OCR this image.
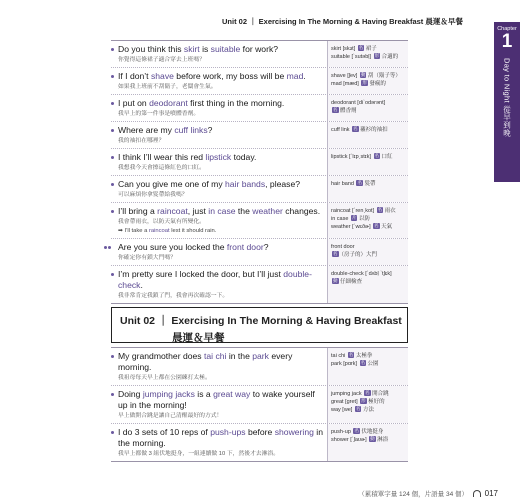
Unit 02 ｜ Exercising In The Morning & Having Breakfast 晨運＆早餐
Chapter
1
Day to Night 從早到晚
Do you think this skirt is suitable for work?
你覺得這條裙子適合穿去上班嗎？
skirt [skɜt] 名 裙子
suitable [ˋsutəbḷ] 形 合適的
If I don’t shave before work, my boss will be mad.
如果我上班前不刮鬍子，老闆會生氣。
shave [ʃev] 動 刮（鬍子等）
mad [mæd] 形 發瘋的
I put on deodorant first thing in the morning.
我早上的第一件事是噴體香劑。
deodorant [diˋodərənt]
名 體香劑
Where are my cuff links?
我的袖扣在哪裡？
cuff link 名 襯衫的袖扣
I think I’ll wear this red lipstick today.
我想我今天會擦這條紅色的口紅。
lipstick [ˋlɪpˏstɪk] 名 口紅
Can you give me one of my hair bands, please?
可以麻煩你拿髮帶給我嗎？
hair band 名 髮帶
I’ll bring a raincoat, just in case the weather changes.
我會帶雨衣，以防天氣有所變化。
➡ I’ll take a raincoat lest it should rain.
raincoat [ˋrenˏkot] 名 雨衣
in case 片 以防
weather [ˋwɛðɚ] 名 天氣
Are you sure you locked the front door?
你確定你有鎖大門嗎？
front door
名（房子的）大門
I’m pretty sure I locked the door, but I’ll just double-check.
我非常肯定我鎖了門，我會再次確認一下。
double-check [ˋdʌbḷ ˋtʃɛk]
動 仔細檢查
Unit 02 ｜ Exercising In The Morning & Having Breakfast
晨運＆早餐
My grandmother does tai chi in the park every morning.
我祖母每天早上都在公園練打太極。
tai chi 名 太極拳
park [pɑrk] 名 公園
Doing jumping jacks is a great way to wake yourself up in the morning!
早上做開合跳是讓自己清醒最好的方式！
jumping jack 名 開合跳
great [gret] 形 極好的
way [we] 名 方法
I do 3 sets of 10 reps of push-ups before showering in the morning.
我早上都做 3 組伏地挺身，一組連續做 10 下，然後才去淋浴。
push-up 名 伏地挺身
shower [ˋʃaʊɚ] 動 淋浴
（累積單字量 124 個，片語量 34 個） 017
